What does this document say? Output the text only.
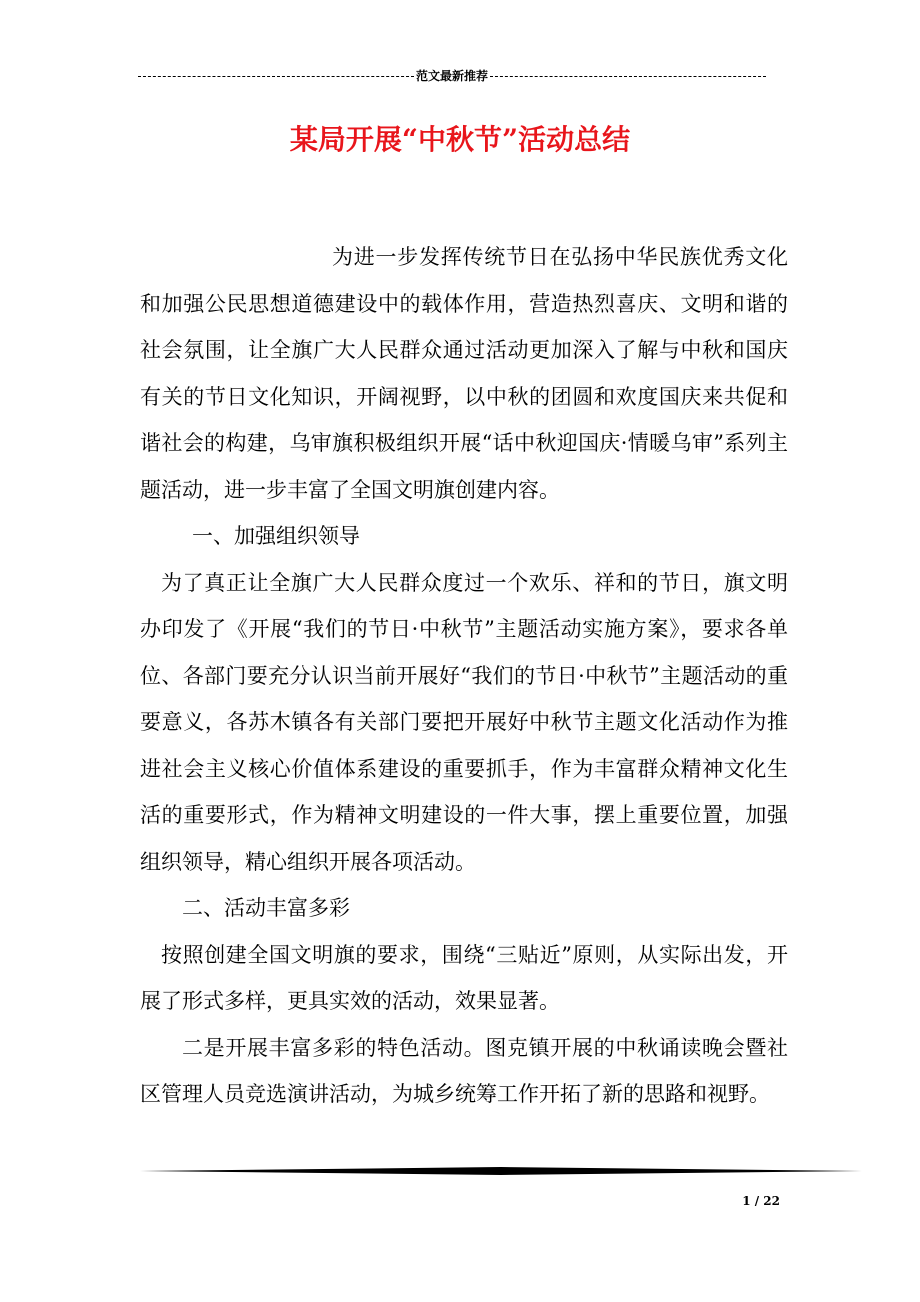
范文最新推荐
某局开展“中秋节”活动总结

为进一步发挥传统节日在弘扬中华民族优秀文化和加强公民思想道德建设中的载体作用，营造热烈喜庆、文明和谐的社会氛围，让全旗广大人民群众通过活动更加深入了解与中秋和国庆有关的节日文化知识，开阔视野，以中秋的团圆和欢度国庆来共促和谐社会的构建，乌审旗积极组织开展“话中秋迎国庆·情暖乌审”系列主题活动，进一步丰富了全国文明旗创建内容。

一、加强组织领导

为了真正让全旗广大人民群众度过一个欢乐、祥和的节日，旗文明办印发了《开展“我们的节日·中秋节”主题活动实施方案》，要求各单位、各部门要充分认识当前开展好“我们的节日·中秋节”主题活动的重要意义，各苏木镇各有关部门要把开展好中秋节主题文化活动作为推进社会主义核心价值体系建设的重要抓手，作为丰富群众精神文化生活的重要形式，作为精神文明建设的一件大事，摆上重要位置，加强组织领导，精心组织开展各项活动。

二、活动丰富多彩

按照创建全国文明旗的要求，围绕“三贴近”原则，从实际出发，开展了形式多样，更具实效的活动，效果显著。

二是开展丰富多彩的特色活动。图克镇开展的中秋诵读晚会暨社区管理人员竞选演讲活动，为城乡统筹工作开拓了新的思路和视野。

1 / 22
